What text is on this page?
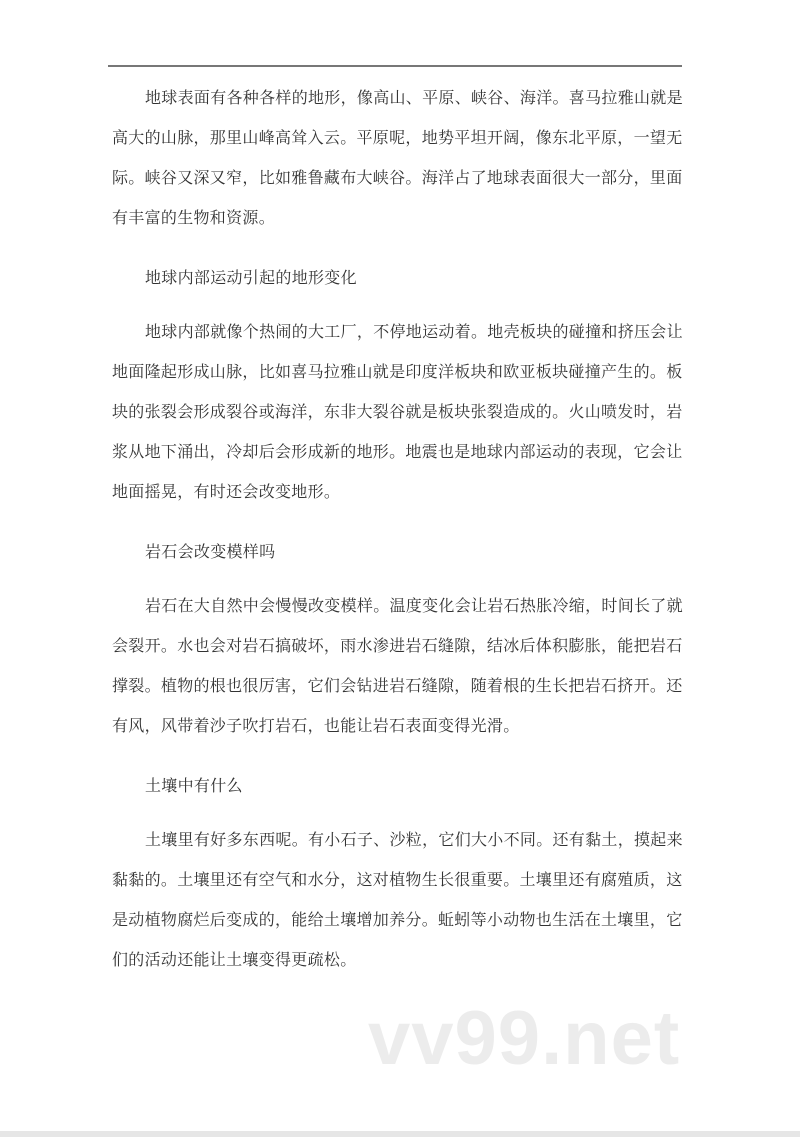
地球表面有各种各样的地形，像高山、平原、峡谷、海洋。喜马拉雅山就是
高大的山脉，那里山峰高耸入云。平原呢，地势平坦开阔，像东北平原，一望无
际。峡谷又深又窄，比如雅鲁藏布大峡谷。海洋占了地球表面很大一部分，里面
有丰富的生物和资源。
地球内部运动引起的地形变化
地球内部就像个热闹的大工厂，不停地运动着。地壳板块的碰撞和挤压会让
地面隆起形成山脉，比如喜马拉雅山就是印度洋板块和欧亚板块碰撞产生的。板
块的张裂会形成裂谷或海洋，东非大裂谷就是板块张裂造成的。火山喷发时，岩
浆从地下涌出，冷却后会形成新的地形。地震也是地球内部运动的表现，它会让
地面摇晃，有时还会改变地形。
岩石会改变模样吗
岩石在大自然中会慢慢改变模样。温度变化会让岩石热胀冷缩，时间长了就
会裂开。水也会对岩石搞破坏，雨水渗进岩石缝隙，结冰后体积膨胀，能把岩石
撑裂。植物的根也很厉害，它们会钻进岩石缝隙，随着根的生长把岩石挤开。还
有风，风带着沙子吹打岩石，也能让岩石表面变得光滑。
土壤中有什么
土壤里有好多东西呢。有小石子、沙粒，它们大小不同。还有黏土，摸起来
黏黏的。土壤里还有空气和水分，这对植物生长很重要。土壤里还有腐殖质，这
是动植物腐烂后变成的，能给土壤增加养分。蚯蚓等小动物也生活在土壤里，它
们的活动还能让土壤变得更疏松。
vv99.net
